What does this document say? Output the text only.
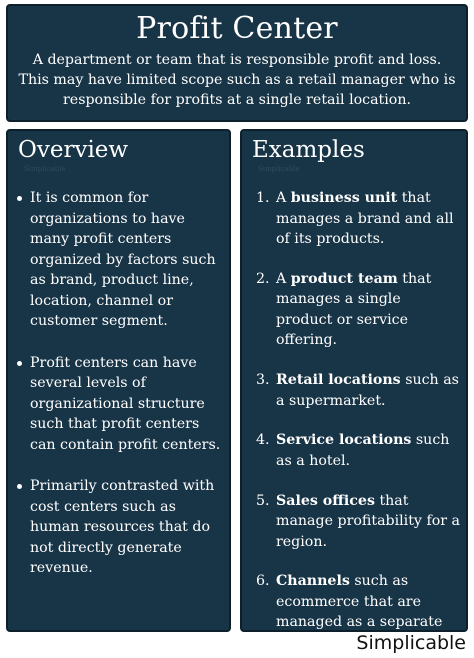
Profit Center
A department or team that is responsible profit and loss. This may have limited scope such as a retail manager who is responsible for profits at a single retail location.
Overview
Simplicable
It is common for organizations to have many profit centers organized by factors such as brand, product line, location, channel or customer segment.
Profit centers can have several levels of organizational structure such that profit centers can contain profit centers.
Primarily contrasted with cost centers such as human resources that do not directly generate revenue.
Examples
Simplicable
1. A business unit that manages a brand and all of its products.
2. A product team that manages a single product or service offering.
3. Retail locations such as a supermarket.
4. Service locations such as a hotel.
5. Sales offices that manage profitability for a region.
6. Channels such as ecommerce that are managed as a separate business unit.
Simplicable
